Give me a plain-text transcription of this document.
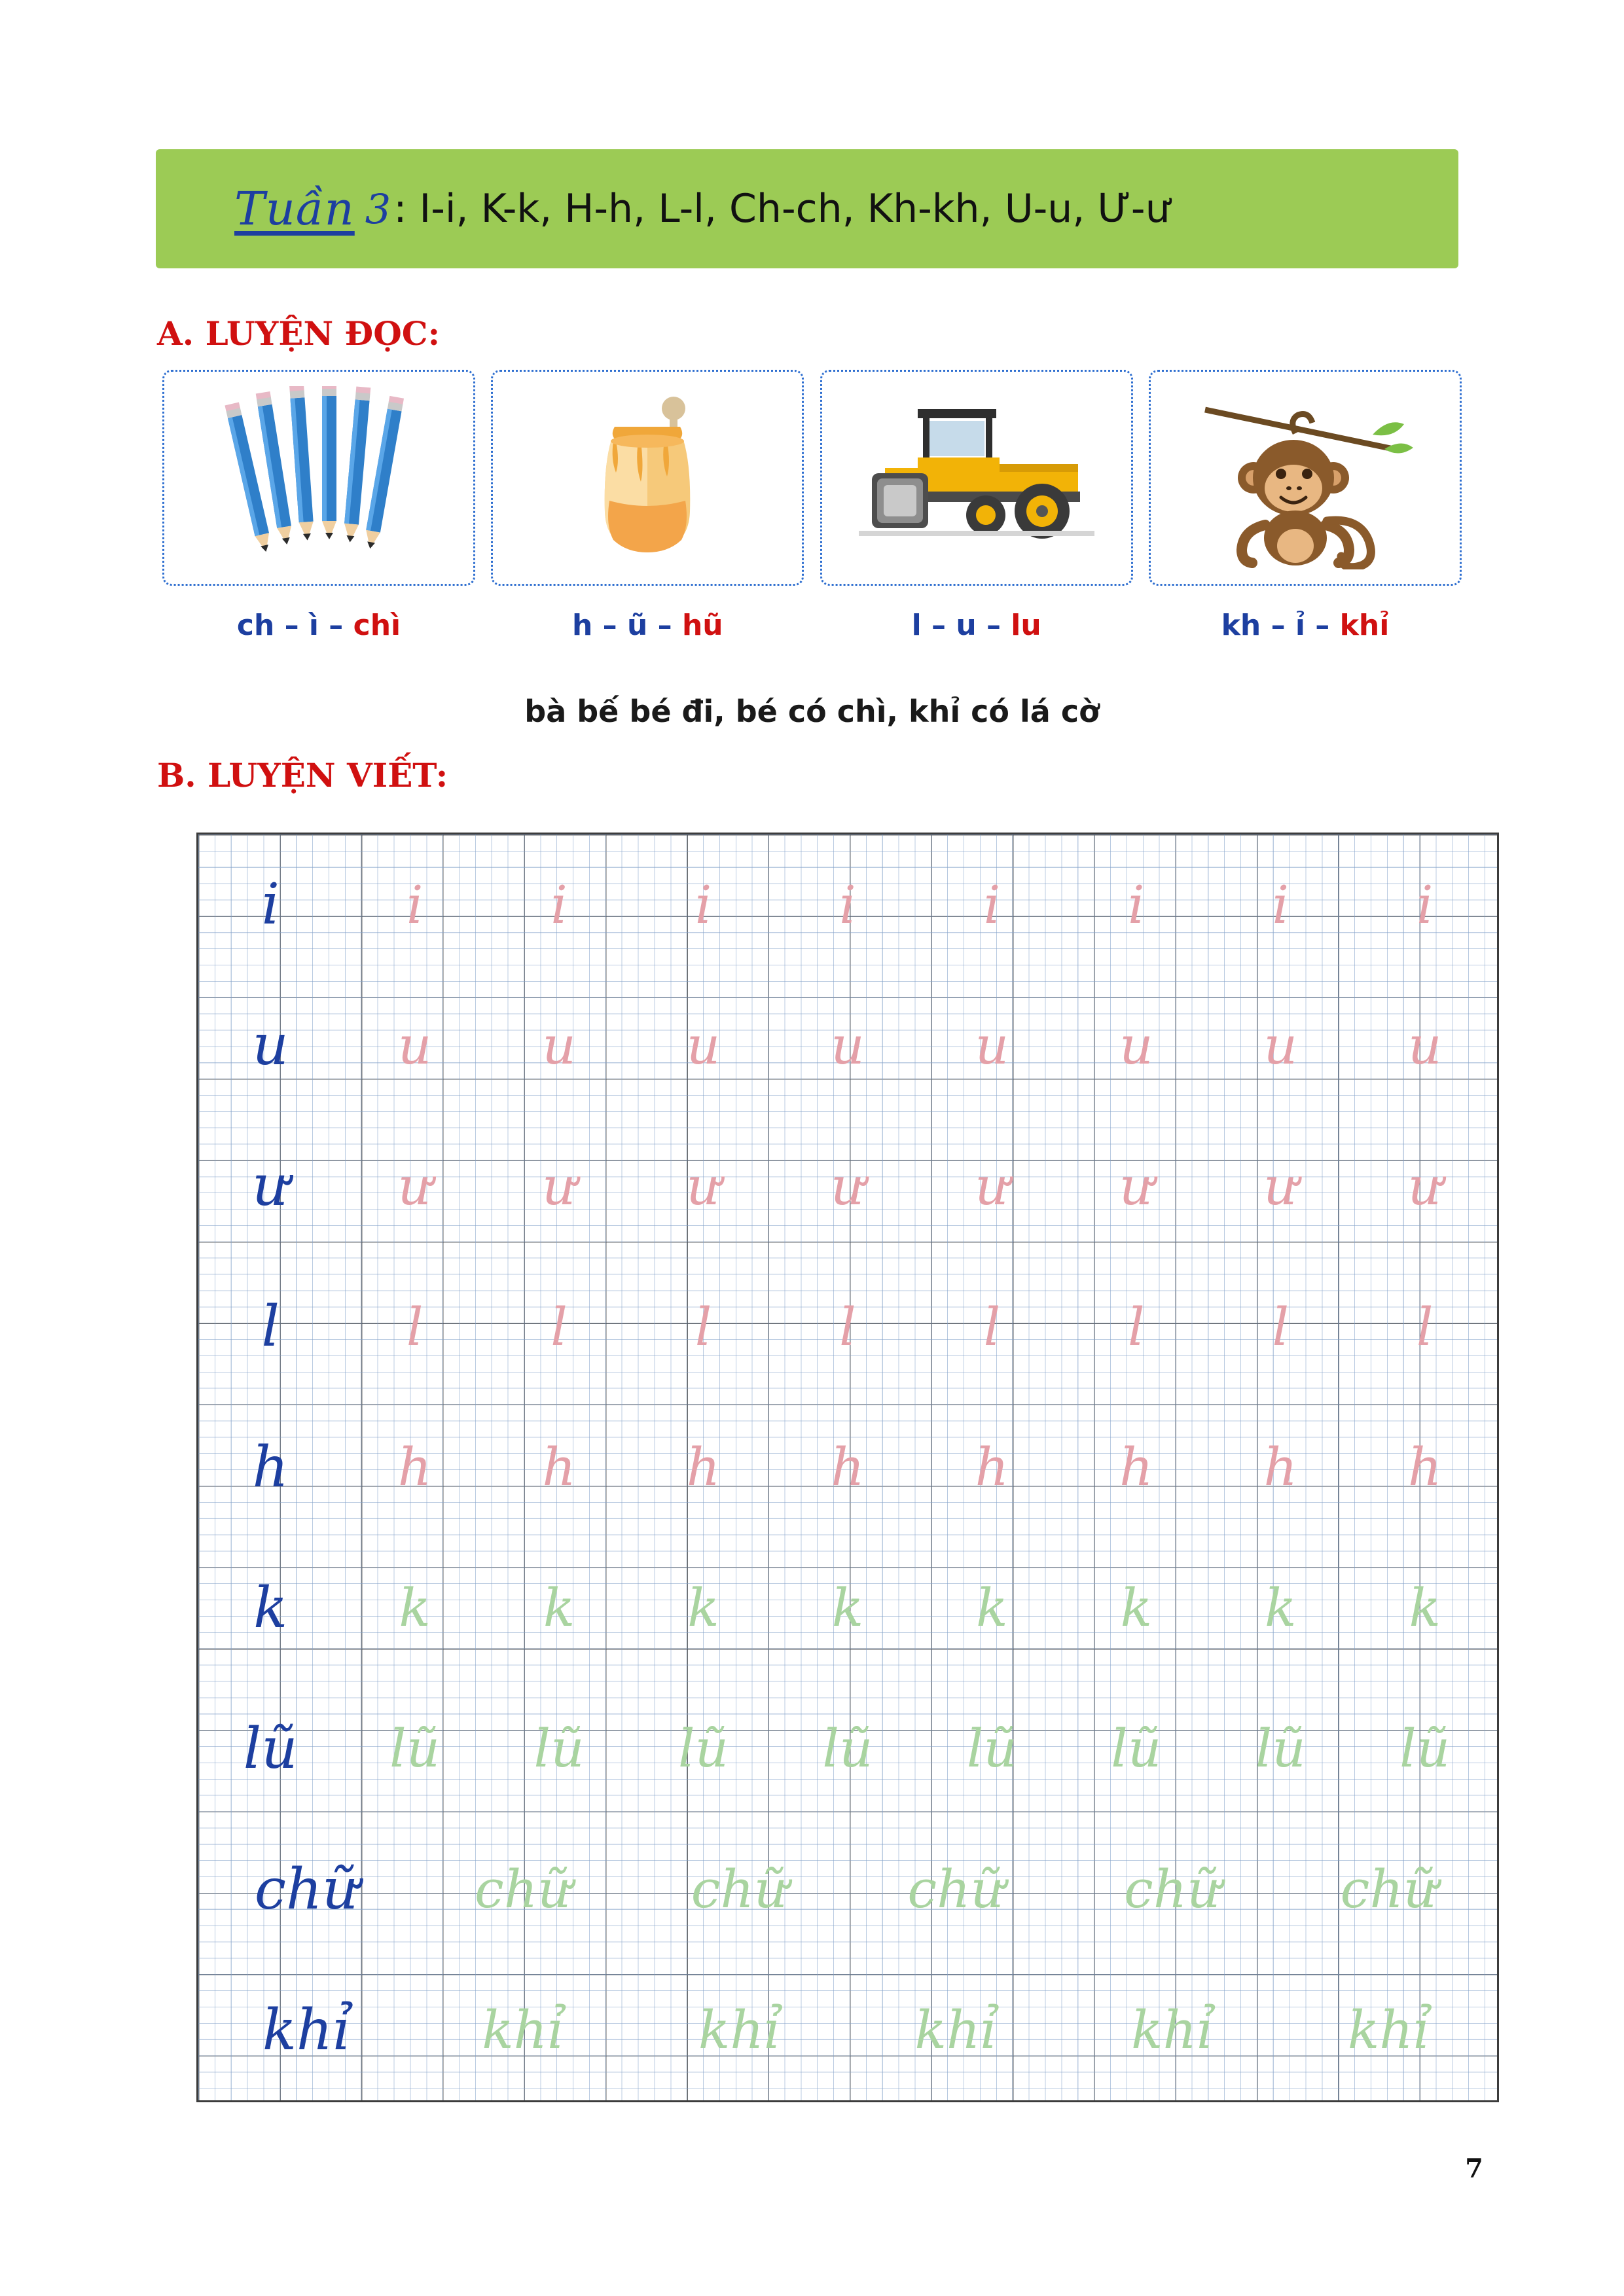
Tuần 3 : I-i, K-k, H-h, L-l, Ch-ch, Kh-kh, U-u, Ư-ư
A. LUYỆN ĐỌC:
ch – ì – chì	h – ũ – hũ	l – u – lu	kh – ỉ – khỉ
bà bế bé đi, bé có chì, khỉ có lá cờ
B. LUYỆN VIẾT:
i	i	i	i	i	i	i	i	i
u	u	u	u	u	u	u	u	u
ư	ư	ư	ư	ư	ư	ư	ư	ư
l	l	l	l	l	l	l	l	l
h	h	h	h	h	h	h	h	h
k	k	k	k	k	k	k	k	k
lũ	lũ	lũ	lũ	lũ	lũ	lũ	lũ	lũ
chữ	chữ	chữ	chữ	chữ	chữ
khỉ	khỉ	khỉ	khỉ	khỉ	khỉ
7
